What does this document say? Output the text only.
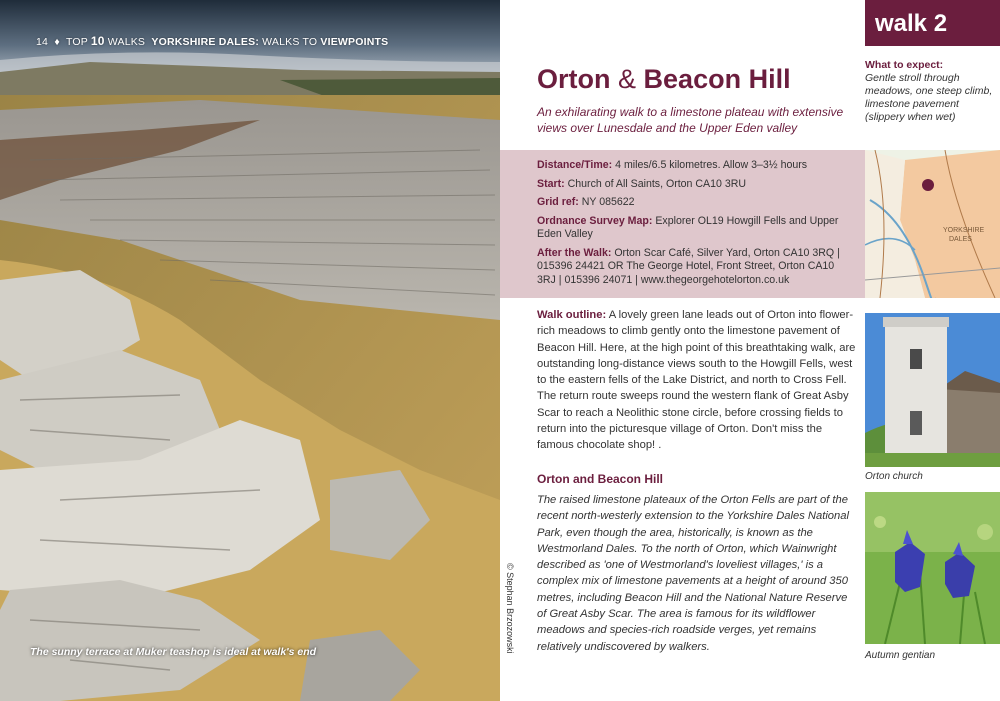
14 ♦ TOP 10 WALKS YORKSHIRE DALES: WALKS TO VIEWPOINTS
The sunny terrace at Muker teashop is ideal at walk's end	© Stephan Brzozowski
walk 2
Orton & Beacon Hill
An exhilarating walk to a limestone plateau with extensive views over Lunesdale and the Upper Eden valley

Distance/Time: 4 miles/6.5 kilometres. Allow 3–3½ hours

Start: Church of All Saints, Orton CA10 3RU

Grid ref: NY 085622

Ordnance Survey Map: Explorer OL19 Howgill Fells and Upper Eden Valley

After the Walk: Orton Scar Café, Silver Yard, Orton CA10 3RQ | 015396 24421 OR The George Hotel, Front Street, Orton CA10 3RJ | 015396 24071 | www.thegeorgehotelorton.co.uk

Walk outline: A lovely green lane leads out of Orton into flower-rich meadows to climb gently onto the limestone pavement of Beacon Hill. Here, at the high point of this breathtaking walk, are outstanding long-distance views south to the Howgill Fells, west to the eastern fells of the Lake District, and north to Cross Fell. The return route sweeps round the western flank of Great Asby Scar to reach a Neolithic stone circle, before crossing fields to return into the picturesque village of Orton. Don't miss the famous chocolate shop! .
Orton and Beacon Hill
The raised limestone plateaux of the Orton Fells are part of the recent north-westerly extension to the Yorkshire Dales National Park, even though the area, historically, is known as the Westmorland Dales. To the north of Orton, which Wainwright described as 'one of Westmorland's loveliest villages,' is a complex mix of limestone pavements at a height of around 350 metres, including Beacon Hill and the National Nature Reserve of Great Asby Scar. The area is famous for its wildflower meadows and species-rich roadside verges, yet remains relatively undiscovered by walkers.
What to expect:
Gentle stroll through meadows, one steep climb, limestone pavement (slippery when wet)
YORKSHIRE
DALES
Orton church
Autumn gentian
